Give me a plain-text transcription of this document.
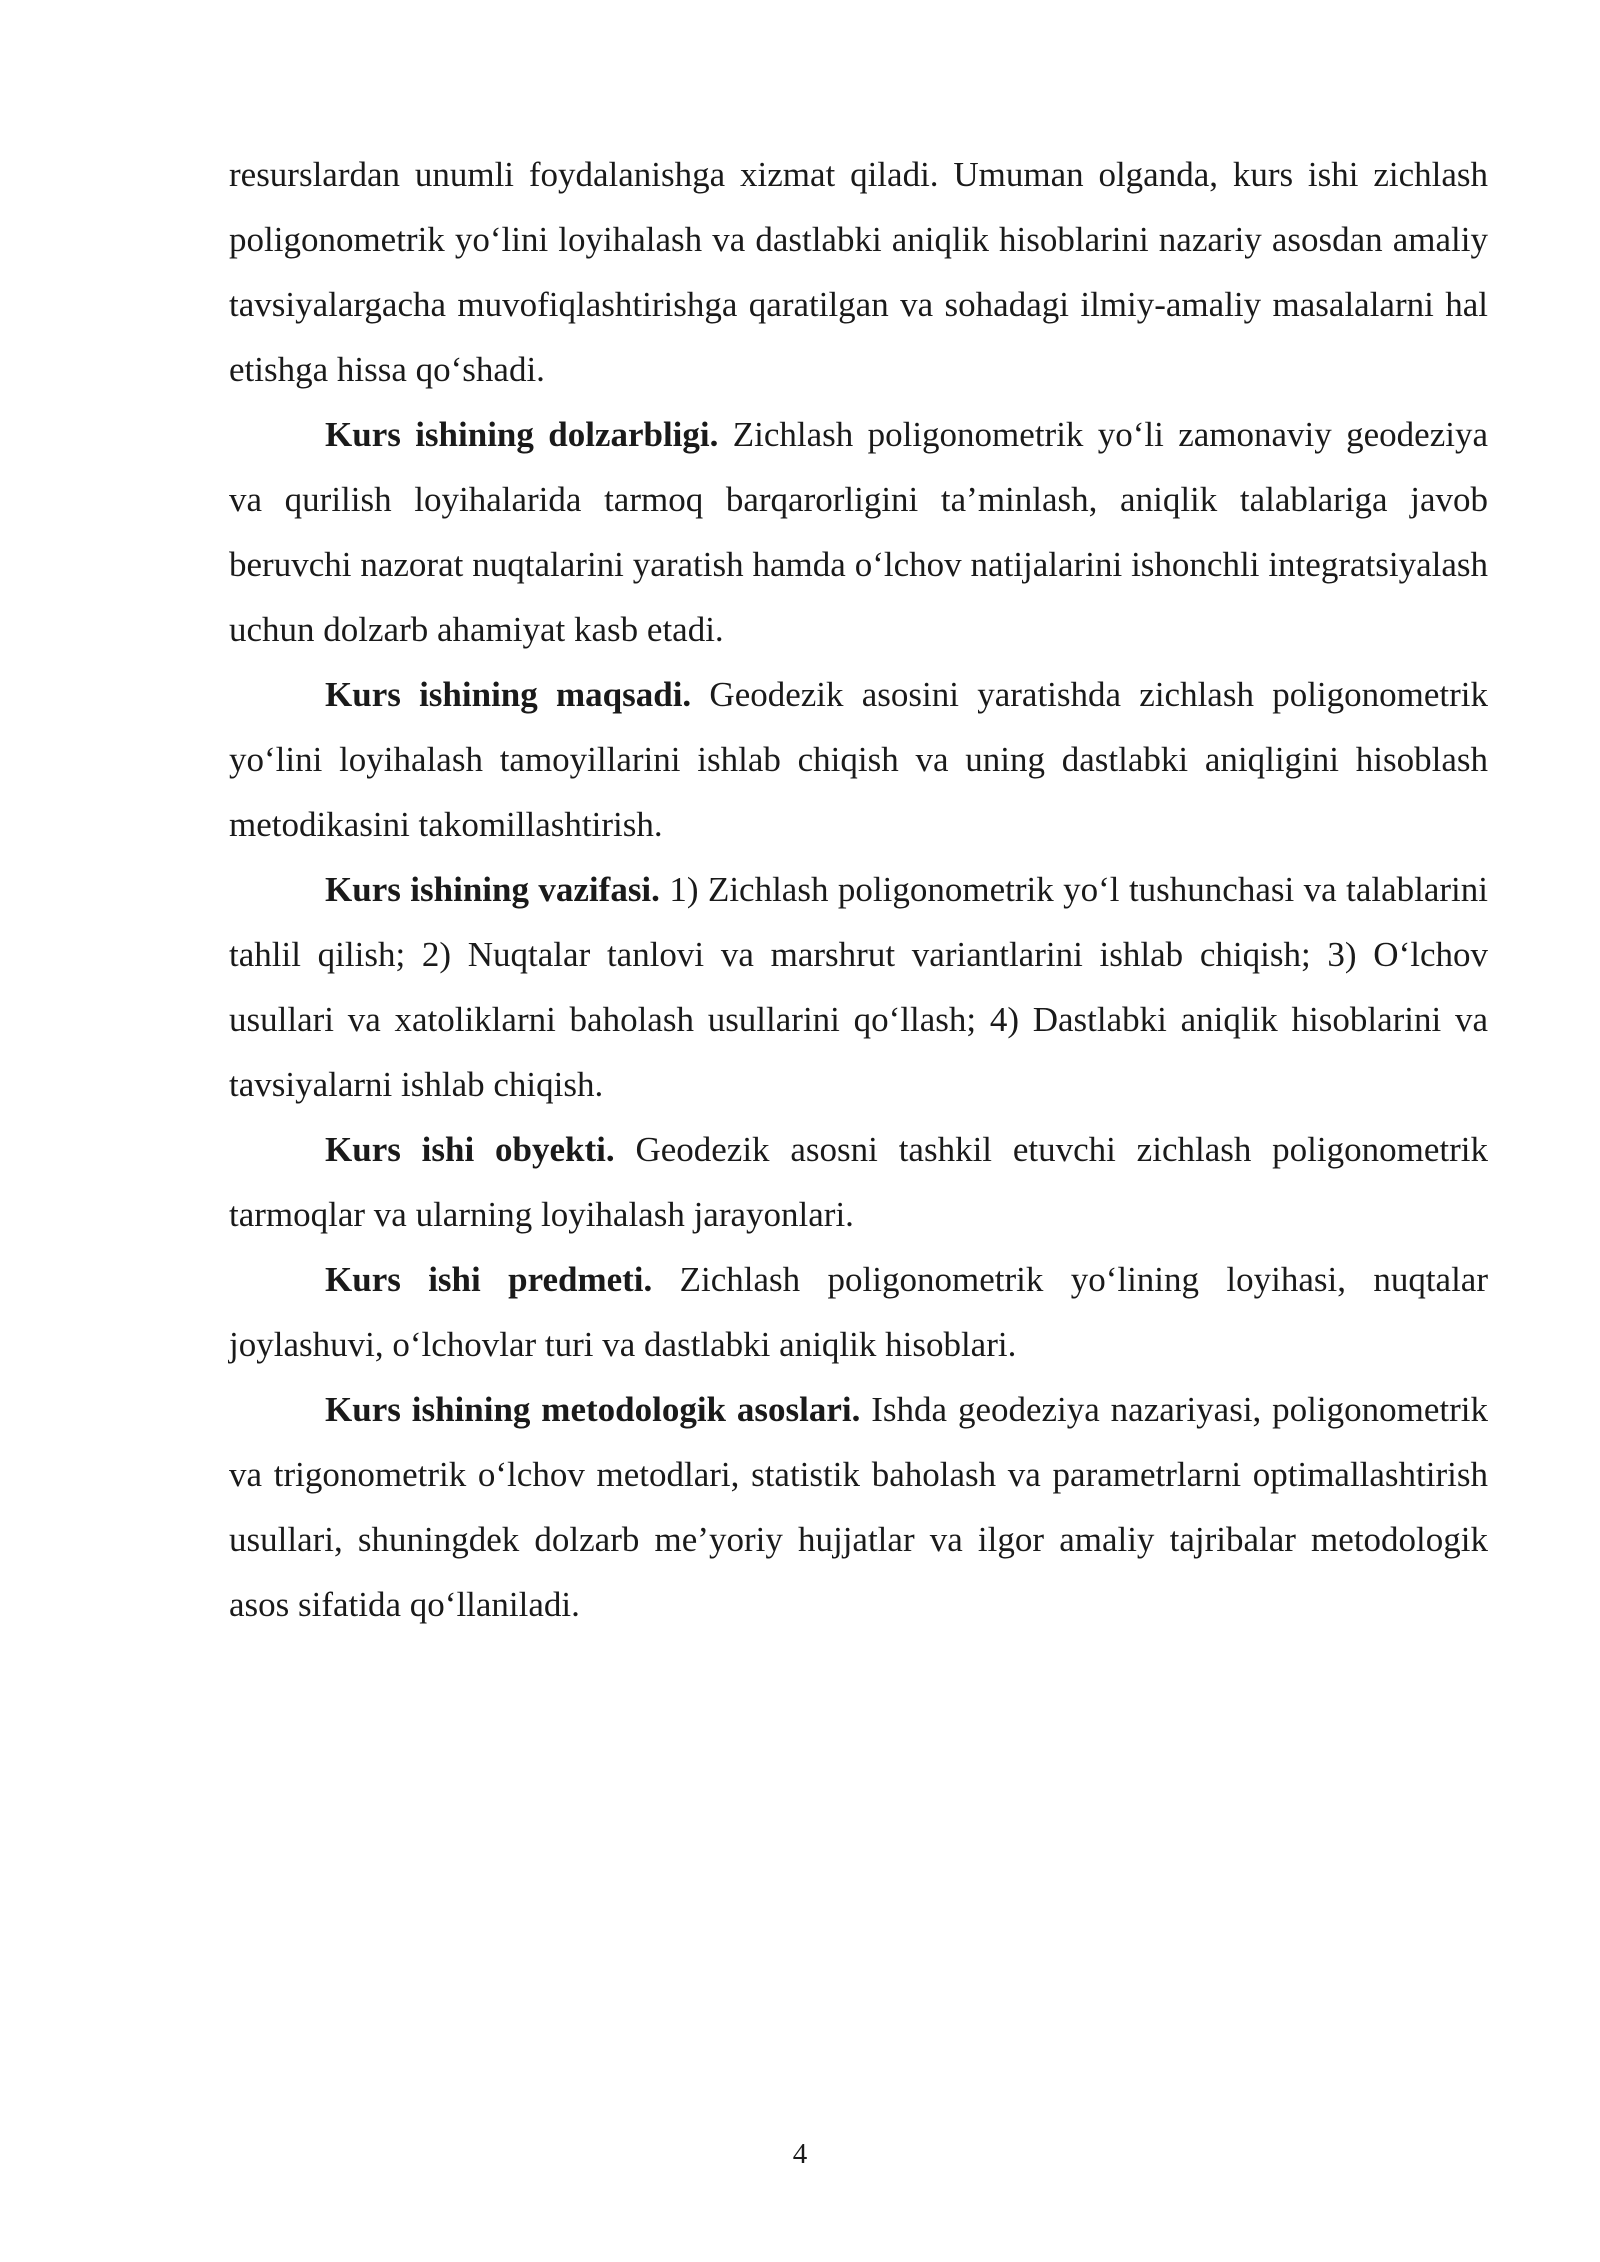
resurslardan unumli foydalanishga xizmat qiladi. Umuman olganda, kurs ishi zichlash poligonometrik yo‘lini loyihalash va dastlabki aniqlik hisoblarini nazariy asosdan amaliy tavsiyalargacha muvofiqlashtirishga qaratilgan va sohadagi ilmiy-amaliy masalalarni hal etishga hissa qo‘shadi.

Kurs ishining dolzarbligi. Zichlash poligonometrik yo‘li zamonaviy geodeziya va qurilish loyihalarida tarmoq barqarorligini ta’minlash, aniqlik talablariga javob beruvchi nazorat nuqtalarini yaratish hamda o‘lchov natijalarini ishonchli integratsiyalash uchun dolzarb ahamiyat kasb etadi.

Kurs ishining maqsadi. Geodezik asosini yaratishda zichlash poligonometrik yo‘lini loyihalash tamoyillarini ishlab chiqish va uning dastlabki aniqligini hisoblash metodikasini takomillashtirish.

Kurs ishining vazifasi. 1) Zichlash poligonometrik yo‘l tushunchasi va talablarini tahlil qilish; 2) Nuqtalar tanlovi va marshrut variantlarini ishlab chiqish; 3) O‘lchov usullari va xatoliklarni baholash usullarini qo‘llash; 4) Dastlabki aniqlik hisoblarini va tavsiyalarni ishlab chiqish.

Kurs ishi obyekti. Geodezik asosni tashkil etuvchi zichlash poligonometrik tarmoqlar va ularning loyihalash jarayonlari.

Kurs ishi predmeti. Zichlash poligonometrik yo‘lining loyihasi, nuqtalar joylashuvi, o‘lchovlar turi va dastlabki aniqlik hisoblari.

Kurs ishining metodologik asoslari. Ishda geodeziya nazariyasi, poligonometrik va trigonometrik o‘lchov metodlari, statistik baholash va parametrlarni optimallashtirish usullari, shuningdek dolzarb me’yoriy hujjatlar va ilgor amaliy tajribalar metodologik asos sifatida qo‘llaniladi.

4
